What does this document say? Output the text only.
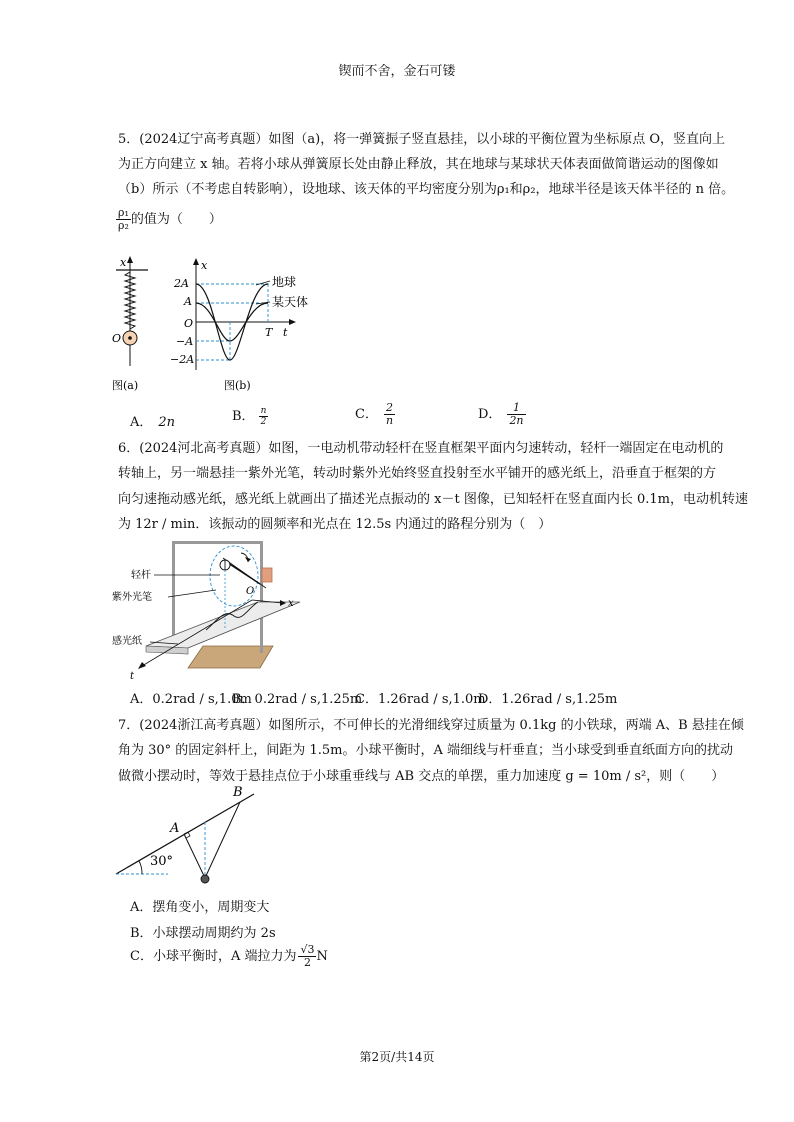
锲而不舍，金石可镂
5．(2024辽宁高考真题）如图（a)，将一弹簧振子竖直悬挂，以小球的平衡位置为坐标原点 O，竖直向上
为正方向建立 x 轴。若将小球从弹簧原长处由静止释放，其在地球与某球状天体表面做简谐运动的图像如
（b）所示（不考虑自转影响），设地球、该天体的平均密度分别为ρ₁和ρ₂，地球半径是该天体半径的 n 倍。
$\frac{\text{ρ₁}}{\text{ρ₂}}$ 的值为（　　）
x
O
图(a)
x
t
O
2A
A
−A
−2A
地球
某天体
T
图(b)
A． 2n	B． $\frac{n}{2}$	C． $\frac{2}{n}$	D． $\frac{1}{2n}$
6．(2024河北高考真题）如图，一电动机带动轻杆在竖直框架平面内匀速转动，轻杆一端固定在电动机的
转轴上，另一端悬挂一紫外光笔，转动时紫外光始终竖直投射至水平铺开的感光纸上，沿垂直于框架的方
向匀速拖动感光纸，感光纸上就画出了描述光点振动的 x－t 图像，已知轻杆在竖直面内长 0.1m，电动机转速
为 12r / min．该振动的圆频率和光点在 12.5s 内通过的路程分别为（　）
x
t
O
轻杆
紫外光笔
感光纸
A．0.2rad / s,1.0m
B．0.2rad / s,1.25m
C．1.26rad / s,1.0m
D．1.26rad / s,1.25m
7．(2024浙江高考真题）如图所示，不可伸长的光滑细线穿过质量为 0.1kg 的小铁球，两端 A、B 悬挂在倾
角为 30° 的固定斜杆上，间距为 1.5m。小球平衡时，A 端细线与杆垂直；当小球受到垂直纸面方向的扰动
做微小摆动时，等效于悬挂点位于小球重垂线与 AB 交点的单摆，重力加速度 g = 10m / s²，则（　　）
30°
A
B
A．摆角变小，周期变大
B．小球摆动周期约为 2s
C．小球平衡时，A 端拉力为 $\frac{√3}{2}$ N
第2页/共14页
